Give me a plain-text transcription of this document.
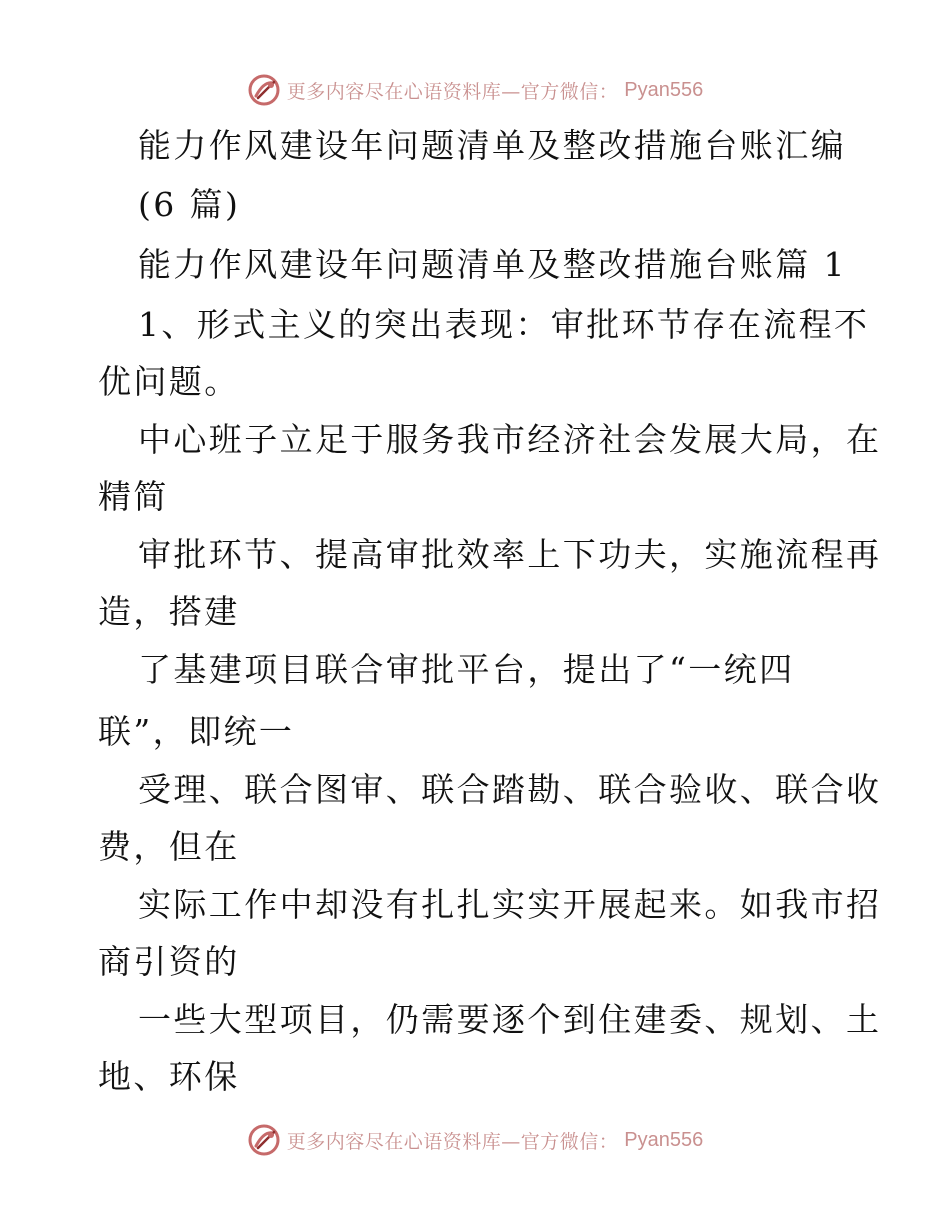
更多内容尽在心语资料库—官方微信： Pyan556
能力作风建设年问题清单及整改措施台账汇编
(6 篇)
能力作风建设年问题清单及整改措施台账篇 1
1、形式主义的突出表现：审批环节存在流程不
优问题。
中心班子立足于服务我市经济社会发展大局，在
精简
审批环节、提高审批效率上下功夫，实施流程再
造，搭建
了基建项目联合审批平台，提出了“一统四
联”，即统一
受理、联合图审、联合踏勘、联合验收、联合收
费，但在
实际工作中却没有扎扎实实开展起来。如我市招
商引资的
一些大型项目，仍需要逐个到住建委、规划、土
地、环保
更多内容尽在心语资料库—官方微信： Pyan556
